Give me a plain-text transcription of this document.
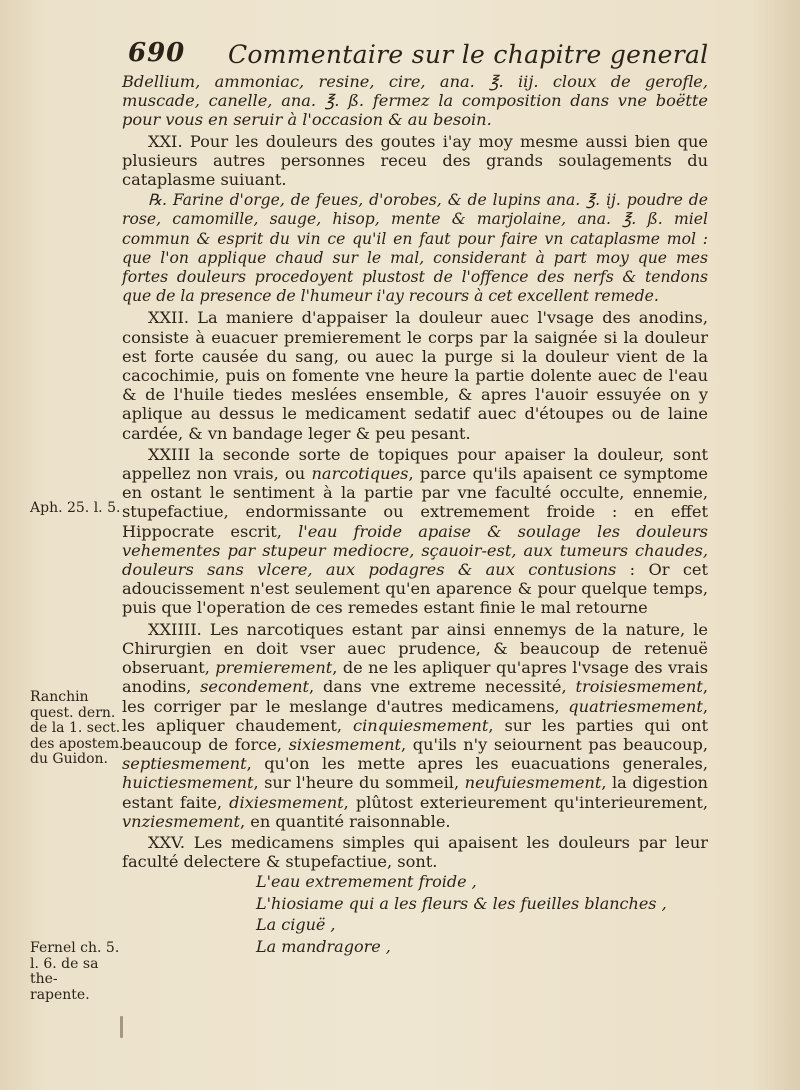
690 Commentaire sur le chapitre general

Bdellium, ammoniac, resine, cire, ana. ℥. iij. cloux de gerofle, muscade, canelle, ana. ℥. ß. fermez la composition dans vne boëtte pour vous en seruir à l'occasion & au besoin.

XXI. Pour les douleurs des goutes i'ay moy mesme aussi bien que plusieurs autres personnes receu des grands soulagements du cataplasme suiuant.

℞. Farine d'orge, de feues, d'orobes, & de lupins ana. ℥. ij. poudre de rose, camomille, sauge, hisop, mente & marjolaine, ana. ℥. ß. miel commun & esprit du vin ce qu'il en faut pour faire vn cataplasme mol : que l'on applique chaud sur le mal, considerant à part moy que mes fortes douleurs procedoyent plustost de l'offence des nerfs & tendons que de la presence de l'humeur i'ay recours à cet excellent remede.

XXII. La maniere d'appaiser la douleur auec l'vsage des anodins, consiste à euacuer premierement le corps par la saignée si la douleur est forte causée du sang, ou auec la purge si la douleur vient de la cacochimie, puis on fomente vne heure la partie dolente auec de l'eau & de l'huile tiedes meslées ensemble, & apres l'auoir essuyée on y aplique au dessus le medicament sedatif auec d'étoupes ou de laine cardée, & vn bandage leger & peu pesant.

XXIII la seconde sorte de topiques pour apaiser la douleur, sont appellez non vrais, ou narcotiques, parce qu'ils apaisent ce symptome en ostant le sentiment à la partie par vne faculté occulte, ennemie, stupefactiue, endormissante ou extremement froide : en effet Hippocrate escrit, l'eau froide apaise & soulage les douleurs vehementes par stupeur mediocre, sçauoir-est, aux tumeurs chaudes, douleurs sans vlcere, aux podagres & aux contusions : Or cet adoucissement n'est seulement qu'en aparence & pour quelque temps, puis que l'operation de ces remedes estant finie le mal retourne

XXIIII. Les narcotiques estant par ainsi ennemys de la nature, le Chirurgien en doit vser auec prudence, & beaucoup de retenuë obseruant, premierement, de ne les apliquer qu'apres l'vsage des vrais anodins, secondement, dans vne extreme necessité, troisiesmement, les corriger par le meslange d'autres medicamens, quatriesmement, les apliquer chaudement, cinquiesmement, sur les parties qui ont beaucoup de force, sixiesmement, qu'ils n'y seiournent pas beaucoup, septiesmement, qu'on les mette apres les euacuations generales, huictiesmement, sur l'heure du sommeil, neufuiesmement, la digestion estant faite, dixiesmement, plûtost exterieurement qu'interieurement, vnziesmement, en quantité raisonnable.

XXV. Les medicamens simples qui apaisent les douleurs par leur faculté delectere & stupefactiue, sont.

L'eau extremement froide ,
L'hiosiame qui a les fleurs & les fueilles blanches ,
La ciguë ,
La mandragore ,

Aph. 25. l. 5.
Ranchin
quest. dern.
de la 1. sect.
des apostem.
du Guidon.
Fernel ch. 5.
l. 6. de sa the-
rapente.
